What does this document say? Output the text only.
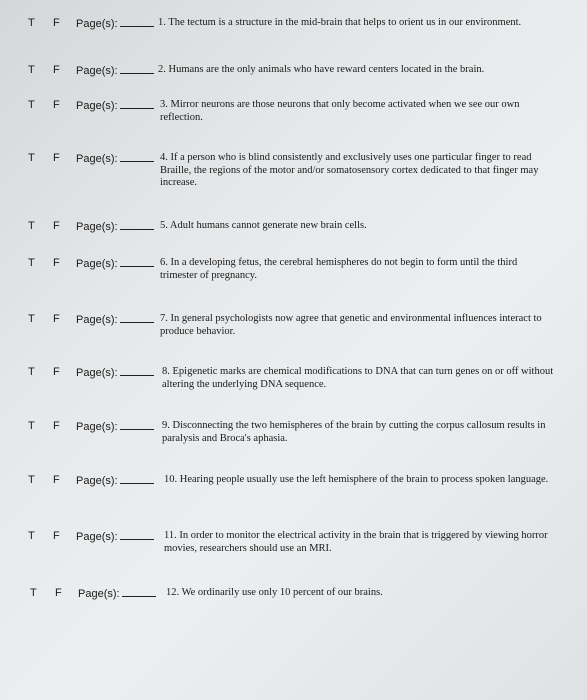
T F Page(s):	1. The tectum is a structure in the mid-brain that helps to orient us in our environment.
T F Page(s):	2. Humans are the only animals who have reward centers located in the brain.
T F Page(s):	3. Mirror neurons are those neurons that only become activated when we see our own reflection.
T F Page(s):	4. If a person who is blind consistently and exclusively uses one particular finger to read Braille, the regions of the motor and/or somatosensory cortex dedicated to that finger may increase.
T F Page(s):	5. Adult humans cannot generate new brain cells.
T F Page(s):	6. In a developing fetus, the cerebral hemispheres do not begin to form until the third trimester of pregnancy.
T F Page(s):	7. In general psychologists now agree that genetic and environmental influences interact to produce behavior.
T F Page(s):	8. Epigenetic marks are chemical modifications to DNA that can turn genes on or off without altering the underlying DNA sequence.
T F Page(s):	9. Disconnecting the two hemispheres of the brain by cutting the corpus callosum results in paralysis and Broca's aphasia.
T F Page(s):	10. Hearing people usually use the left hemisphere of the brain to process spoken language.
T F Page(s):	11. In order to monitor the electrical activity in the brain that is triggered by viewing horror movies, researchers should use an MRI.
T F Page(s):	12. We ordinarily use only 10 percent of our brains.
